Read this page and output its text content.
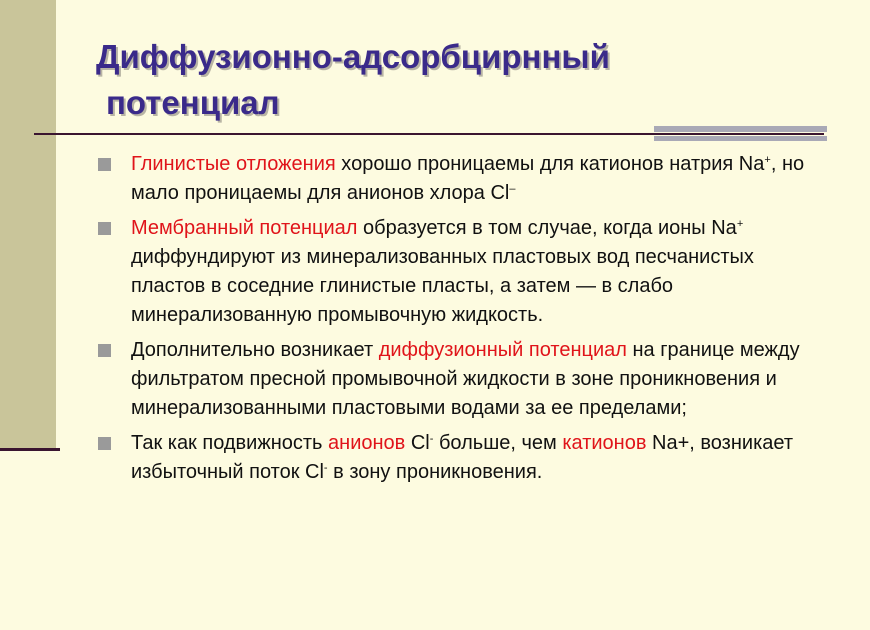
Диффузионно-адсорбцирнный
потенциал
Глинистые отложения хорошо проницаемы для катионов натрия Na+, но мало проницаемы для анионов хлора Cl–
Мембранный потенциал образуется в том случае, когда ионы Na+ диффундируют из минерализованных пластовых вод песчанистых пластов в соседние глинистые пласты, а затем — в слабо минерализованную промывочную жидкость.
Дополнительно возникает диффузионный потенциал на границе между фильтратом пресной промывочной жидкости в зоне проникновения и минерализованными пластовыми водами за ее пределами;
Так как подвижность анионов Cl- больше, чем катионов Na+, возникает избыточный поток Cl- в зону проникновения.
